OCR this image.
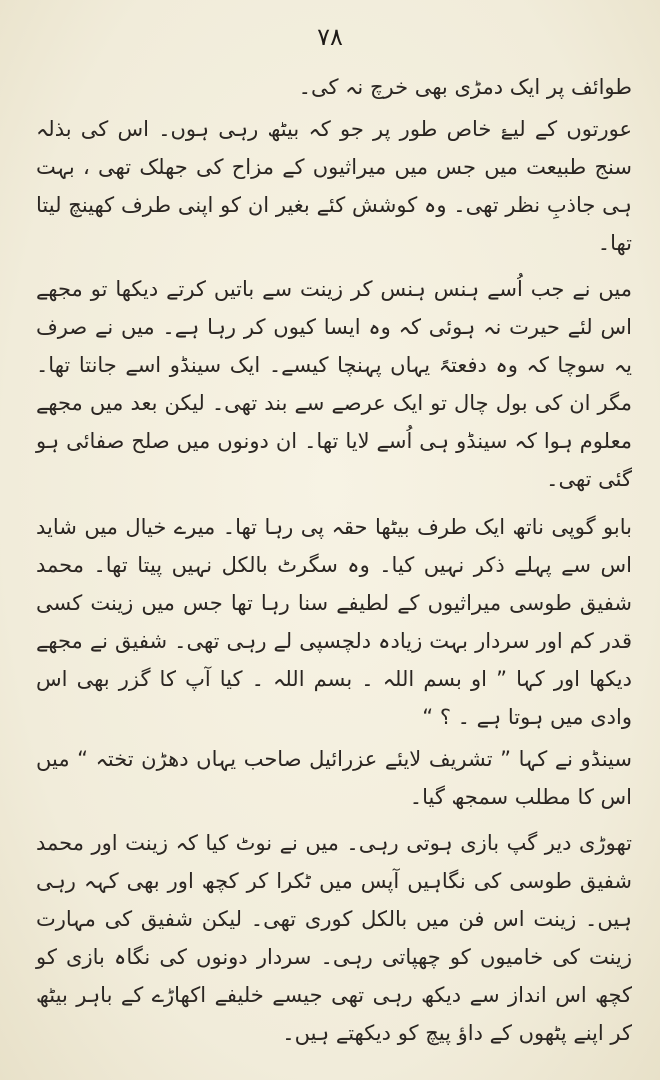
٧٨

طوائف پر ایک دمڑی بھی خرچ نہ کی۔

عورتوں کے لیۓ خاص طور پر جو کہ بیٹھ رہی ہوں۔ اس کی بذلہ سنج طبیعت میں جس میں میراثیوں کے مزاح کی جھلک تھی ، بہت ہی جاذبِ نظر تھی۔ وہ کوشش کئے بغیر ان کو اپنی طرف کھینچ لیتا تھا۔

میں نے جب اُسے ہنس ہنس کر زینت سے باتیں کرتے دیکھا تو مجھے اس لئے حیرت نہ ہوئی کہ وہ ایسا کیوں کر رہا ہے۔ میں نے صرف یہ سوچا کہ وہ دفعتہً یہاں پہنچا کیسے۔ ایک سینڈو اسے جانتا تھا۔ مگر ان کی بول چال تو ایک عرصے سے بند تھی۔ لیکن بعد میں مجھے معلوم ہوا کہ سینڈو ہی اُسے لایا تھا۔ ان دونوں میں صلح صفائی ہو گئی تھی۔

بابو گوپی ناتھ ایک طرف بیٹھا حقہ پی رہا تھا۔ میرے خیال میں شاید اس سے پہلے ذکر نہیں کیا۔ وہ سگرٹ بالکل نہیں پیتا تھا۔ محمد شفیق طوسی میراثیوں کے لطیفے سنا رہا تھا جس میں زینت کسی قدر کم اور سردار بہت زیادہ دلچسپی لے رہی تھی۔ شفیق نے مجھے دیکھا اور کہا ” او بسم اللہ ۔ بسم اللہ ۔ کیا آپ کا گزر بھی اس وادی میں ہوتا ہے ۔ ؟ “

سینڈو نے کہا ” تشریف لایئے عزرائیل صاحب یہاں دھڑن تختہ “ میں اس کا مطلب سمجھ گیا۔

تھوڑی دیر گپ بازی ہوتی رہی۔ میں نے نوٹ کیا کہ زینت اور محمد شفیق طوسی کی نگاہیں آپس میں ٹکرا کر کچھ اور بھی کہہ رہی ہیں۔ زینت اس فن میں بالکل کوری تھی۔ لیکن شفیق کی مہارت زینت کی خامیوں کو چھپاتی رہی۔ سردار دونوں کی نگاہ بازی کو کچھ اس انداز سے دیکھ رہی تھی جیسے خلیفے اکھاڑے کے باہر بیٹھ کر اپنے پٹھوں کے داؤ پیچ کو دیکھتے ہیں۔
